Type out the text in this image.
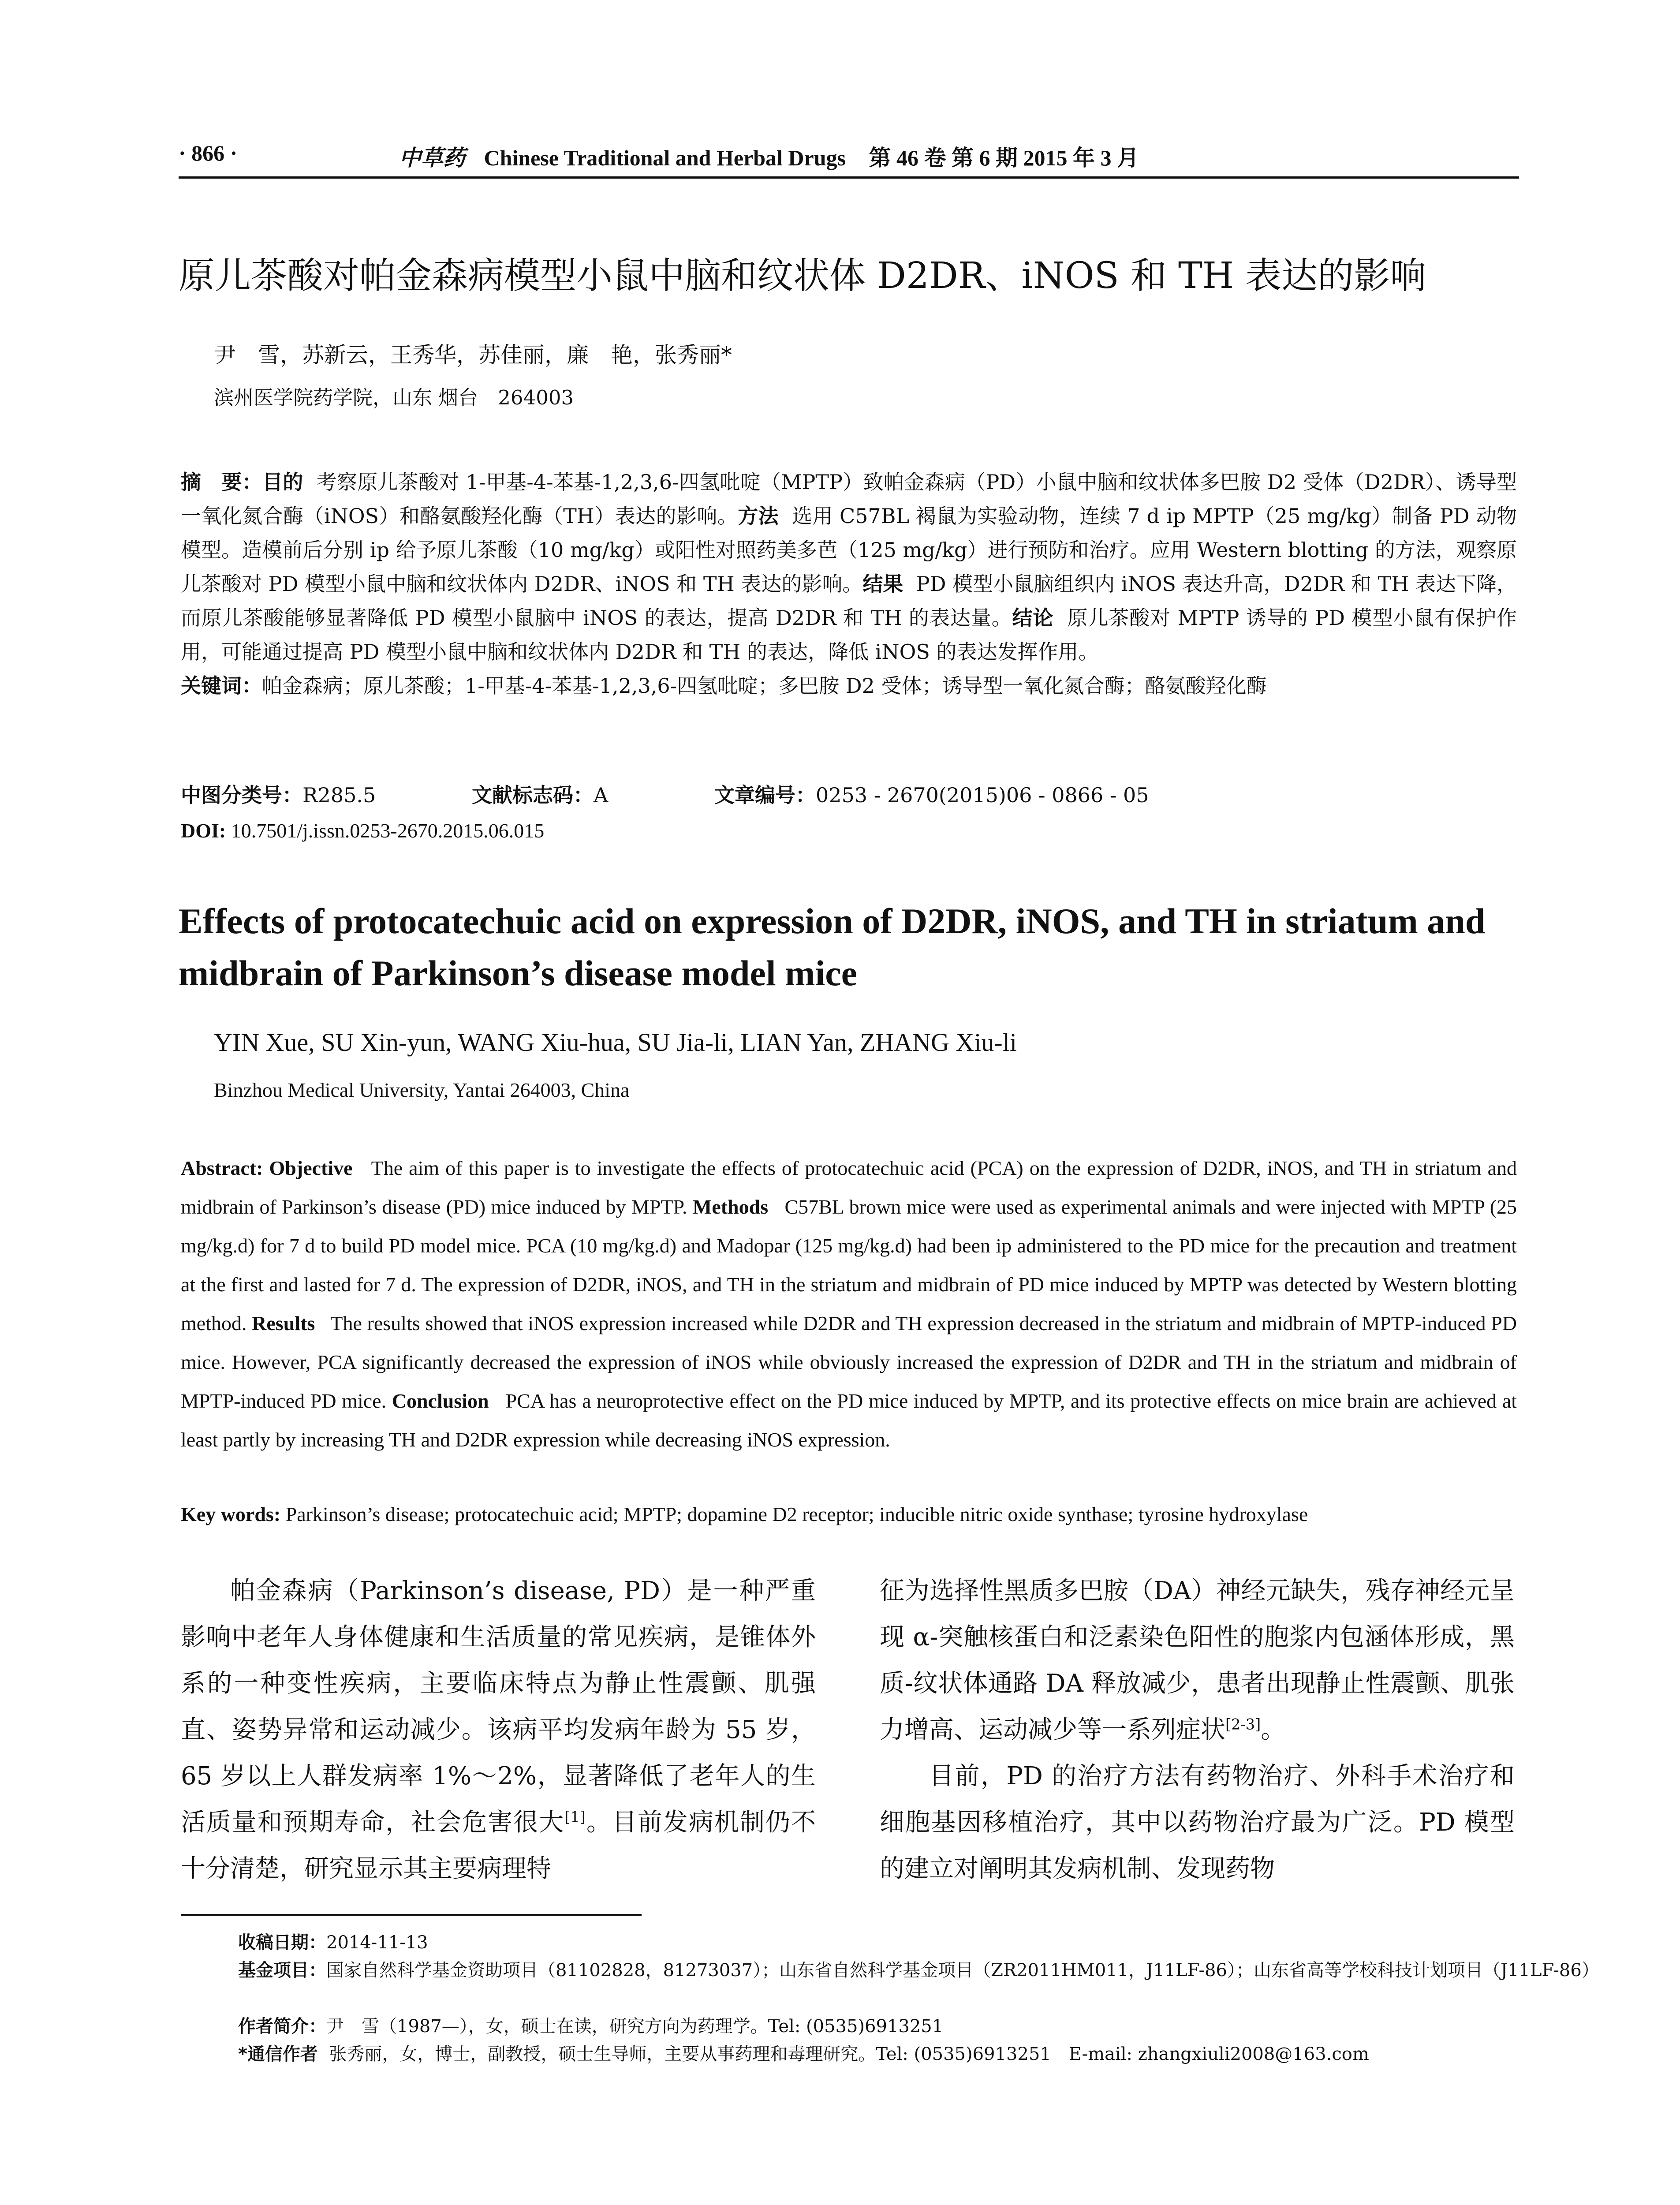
· 866 ·	中草药 Chinese Traditional and Herbal Drugs 第 46 卷 第 6 期 2015 年 3 月
原儿茶酸对帕金森病模型小鼠中脑和纹状体 D2DR、iNOS 和 TH 表达的影响
尹　雪，苏新云，王秀华，苏佳丽，廉　艳，张秀丽*
滨州医学院药学院，山东 烟台　264003
摘　要：目的 考察原儿茶酸对 1-甲基-4-苯基-1,2,3,6-四氢吡啶（MPTP）致帕金森病（PD）小鼠中脑和纹状体多巴胺 D2 受体（D2DR）、诱导型一氧化氮合酶（iNOS）和酪氨酸羟化酶（TH）表达的影响。方法 选用 C57BL 褐鼠为实验动物，连续 7 d ip MPTP（25 mg/kg）制备 PD 动物模型。造模前后分别 ip 给予原儿茶酸（10 mg/kg）或阳性对照药美多芭（125 mg/kg）进行预防和治疗。应用 Western blotting 的方法，观察原儿茶酸对 PD 模型小鼠中脑和纹状体内 D2DR、iNOS 和 TH 表达的影响。结果 PD 模型小鼠脑组织内 iNOS 表达升高，D2DR 和 TH 表达下降，而原儿茶酸能够显著降低 PD 模型小鼠脑中 iNOS 的表达，提高 D2DR 和 TH 的表达量。结论 原儿茶酸对 MPTP 诱导的 PD 模型小鼠有保护作用，可能通过提高 PD 模型小鼠中脑和纹状体内 D2DR 和 TH 的表达，降低 iNOS 的表达发挥作用。
关键词：帕金森病；原儿茶酸；1-甲基-4-苯基-1,2,3,6-四氢吡啶；多巴胺 D2 受体；诱导型一氧化氮合酶；酪氨酸羟化酶
中图分类号：R285.5	文献标志码：A	文章编号：0253 - 2670(2015)06 - 0866 - 05
DOI: 10.7501/j.issn.0253-2670.2015.06.015
Effects of protocatechuic acid on expression of D2DR, iNOS, and TH in striatum and midbrain of Parkinson’s disease model mice
YIN Xue, SU Xin-yun, WANG Xiu-hua, SU Jia-li, LIAN Yan, ZHANG Xiu-li
Binzhou Medical University, Yantai 264003, China
Abstract: Objective The aim of this paper is to investigate the effects of protocatechuic acid (PCA) on the expression of D2DR, iNOS, and TH in striatum and midbrain of Parkinson’s disease (PD) mice induced by MPTP. Methods C57BL brown mice were used as experimental animals and were injected with MPTP (25 mg/kg.d) for 7 d to build PD model mice. PCA (10 mg/kg.d) and Madopar (125 mg/kg.d) had been ip administered to the PD mice for the precaution and treatment at the first and lasted for 7 d. The expression of D2DR, iNOS, and TH in the striatum and midbrain of PD mice induced by MPTP was detected by Western blotting method. Results The results showed that iNOS expression increased while D2DR and TH expression decreased in the striatum and midbrain of MPTP-induced PD mice. However, PCA significantly decreased the expression of iNOS while obviously increased the expression of D2DR and TH in the striatum and midbrain of MPTP-induced PD mice. Conclusion PCA has a neuroprotective effect on the PD mice induced by MPTP, and its protective effects on mice brain are achieved at least partly by increasing TH and D2DR expression while decreasing iNOS expression.
Key words: Parkinson’s disease; protocatechuic acid; MPTP; dopamine D2 receptor; inducible nitric oxide synthase; tyrosine hydroxylase

帕金森病（Parkinson’s disease, PD）是一种严重影响中老年人身体健康和生活质量的常见疾病，是锥体外系的一种变性疾病，主要临床特点为静止性震颤、肌强直、姿势异常和运动减少。该病平均发病年龄为 55 岁，65 岁以上人群发病率 1%～2%，显著降低了老年人的生活质量和预期寿命，社会危害很大[1]。目前发病机制仍不十分清楚，研究显示其主要病理特

征为选择性黑质多巴胺（DA）神经元缺失，残存神经元呈现 α-突触核蛋白和泛素染色阳性的胞浆内包涵体形成，黑质-纹状体通路 DA 释放减少，患者出现静止性震颤、肌张力增高、运动减少等一系列症状[2-3]。

目前，PD 的治疗方法有药物治疗、外科手术治疗和细胞基因移植治疗，其中以药物治疗最为广泛。PD 模型的建立对阐明其发病机制、发现药物

收稿日期：2014-11-13
基金项目：国家自然科学基金资助项目（81102828，81273037）；山东省自然科学基金项目（ZR2011HM011，J11LF-86）；山东省高等学校科技计划项目（J11LF-86）
作者简介：尹　雪（1987—），女，硕士在读，研究方向为药理学。Tel: (0535)6913251
*通信作者 张秀丽，女，博士，副教授，硕士生导师，主要从事药理和毒理研究。Tel: (0535)6913251　E-mail: zhangxiuli2008@163.com
